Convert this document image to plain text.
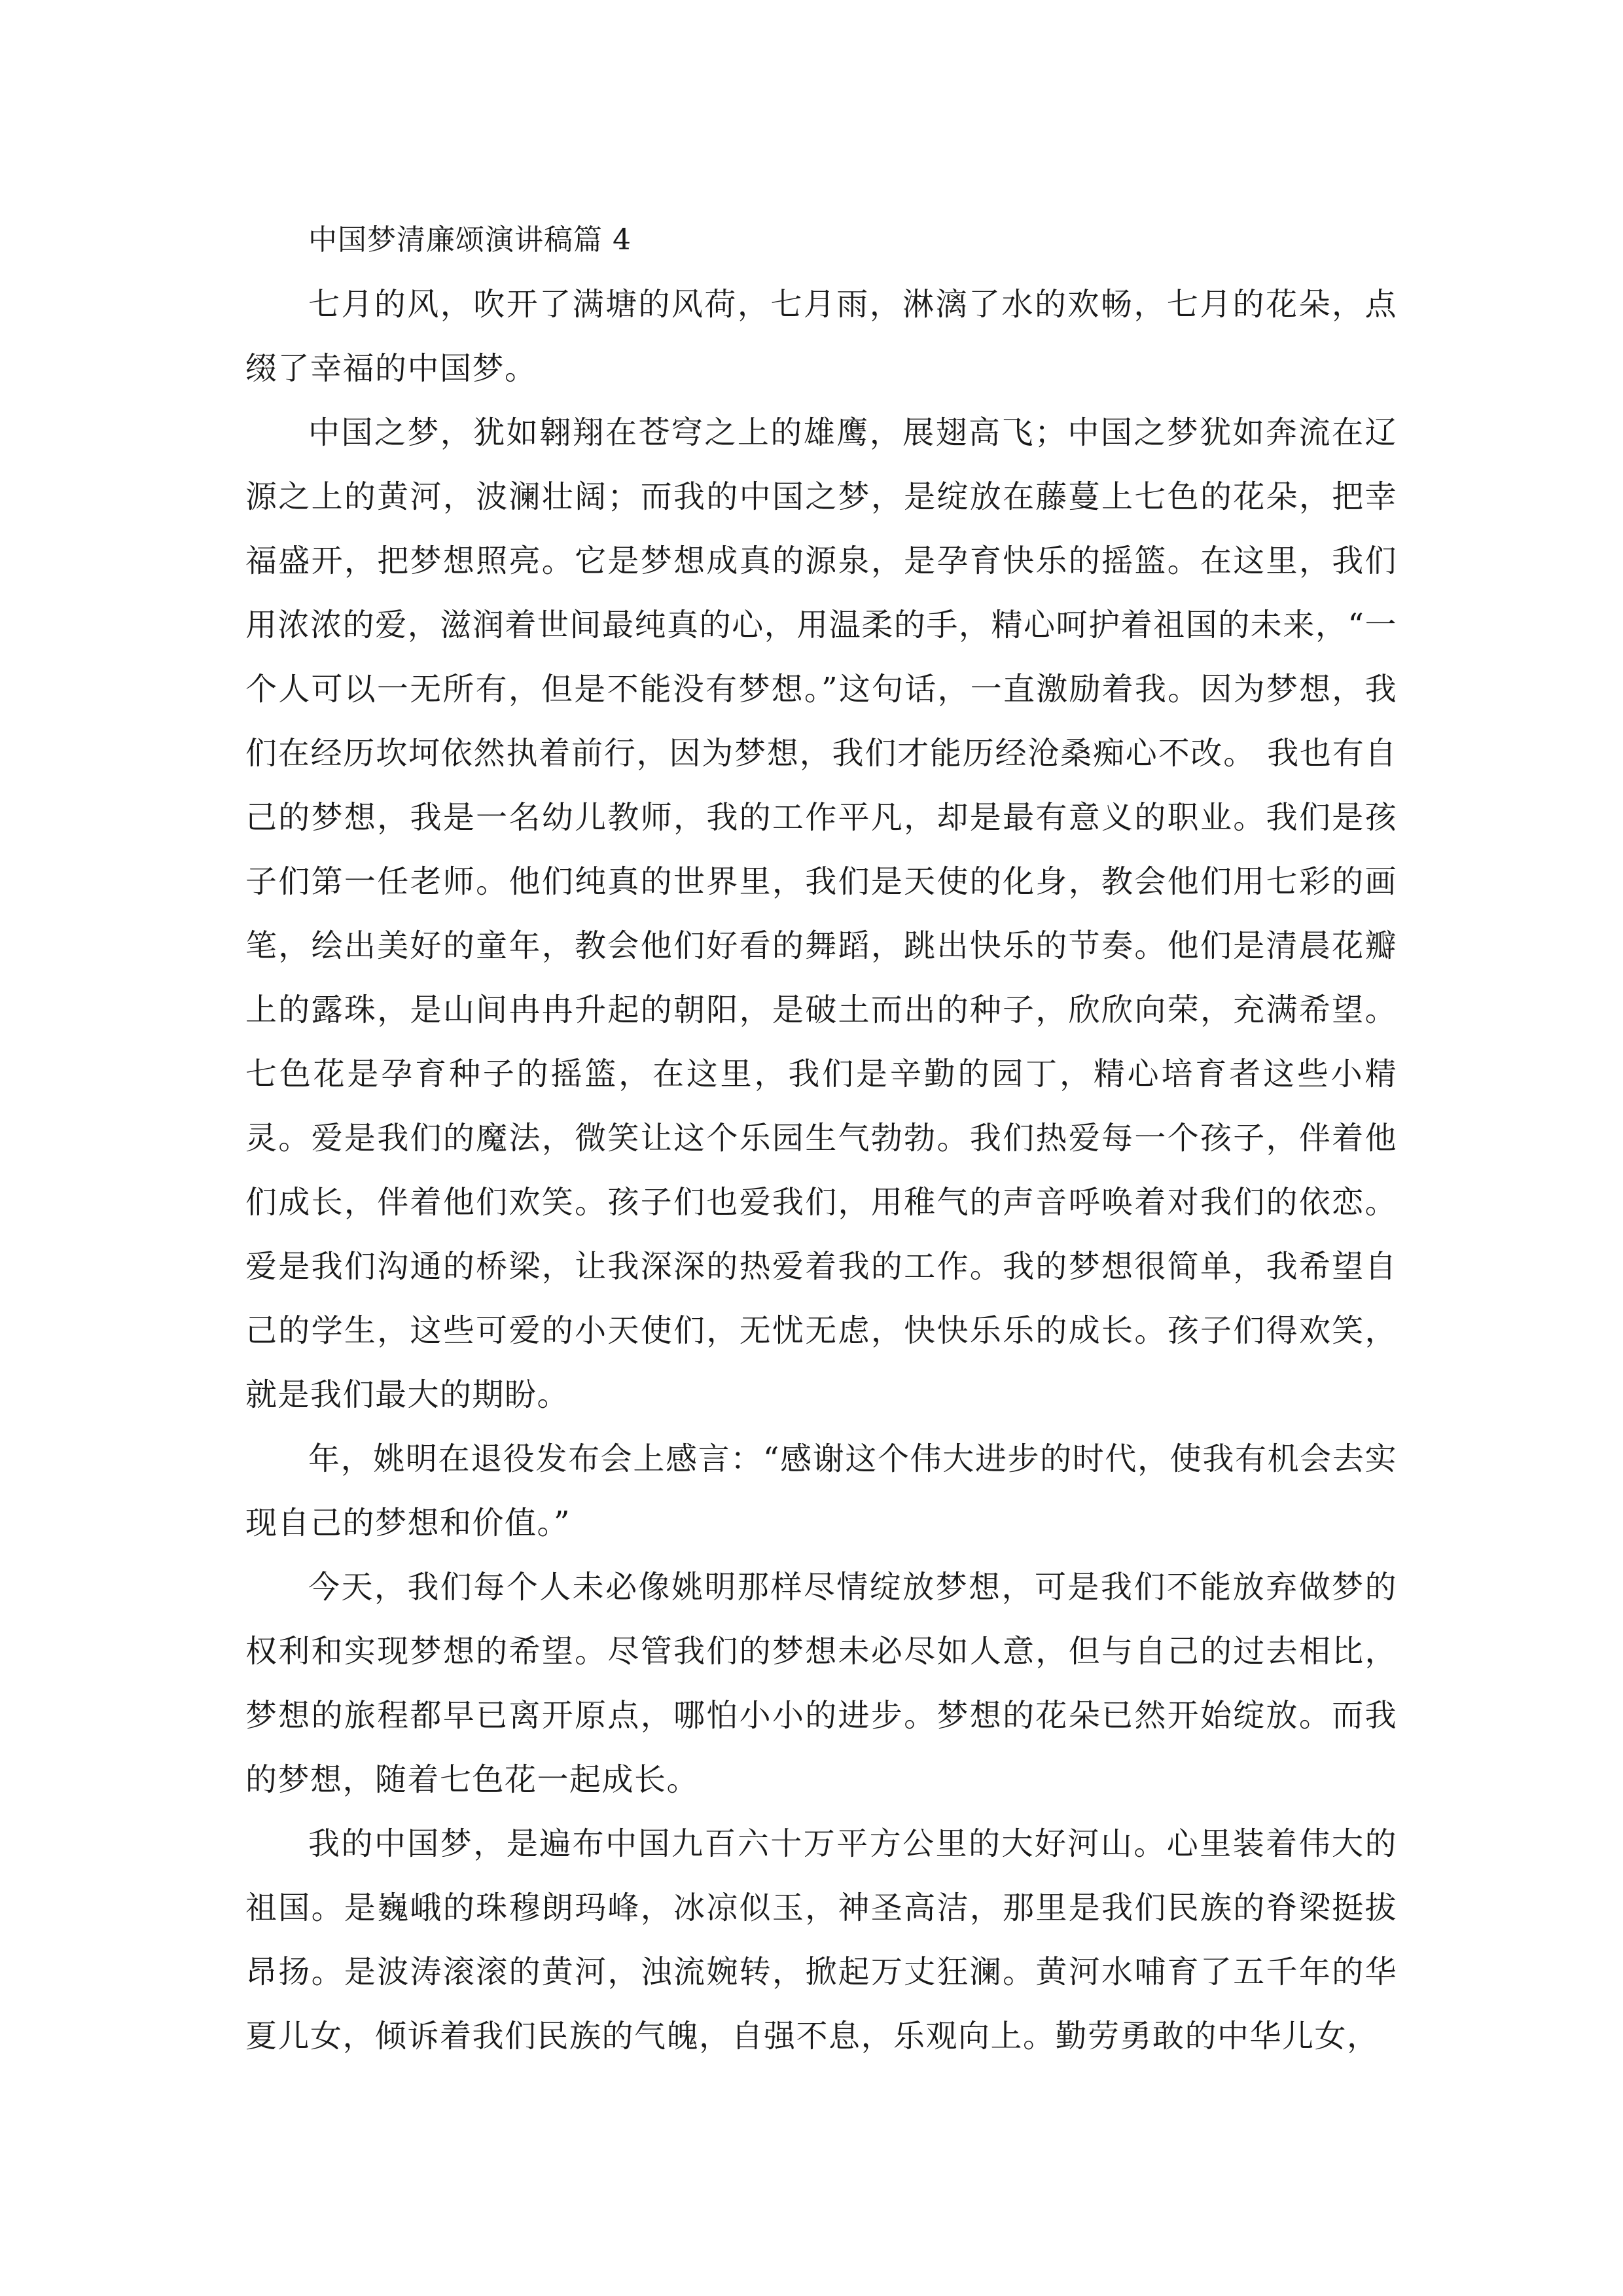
中国梦清廉颂演讲稿篇 4

七月的风，吹开了满塘的风荷，七月雨，淋漓了水的欢畅，七月的花朵，点缀了幸福的中国梦。

中国之梦，犹如翱翔在苍穹之上的雄鹰，展翅高飞；中国之梦犹如奔流在辽源之上的黄河，波澜壮阔；而我的中国之梦，是绽放在藤蔓上七色的花朵，把幸福盛开，把梦想照亮。它是梦想成真的源泉，是孕育快乐的摇篮。在这里，我们用浓浓的爱，滋润着世间最纯真的心，用温柔的手，精心呵护着祖国的未来，“一个人可以一无所有，但是不能没有梦想。”这句话，一直激励着我。因为梦想，我们在经历坎坷依然执着前行，因为梦想，我们才能历经沧桑痴心不改。 我也有自己的梦想，我是一名幼儿教师，我的工作平凡，却是最有意义的职业。我们是孩子们第一任老师。他们纯真的世界里，我们是天使的化身，教会他们用七彩的画笔，绘出美好的童年，教会他们好看的舞蹈，跳出快乐的节奏。他们是清晨花瓣上的露珠，是山间冉冉升起的朝阳，是破土而出的种子，欣欣向荣，充满希望。七色花是孕育种子的摇篮，在这里，我们是辛勤的园丁，精心培育者这些小精灵。爱是我们的魔法，微笑让这个乐园生气勃勃。我们热爱每一个孩子，伴着他们成长，伴着他们欢笑。孩子们也爱我们，用稚气的声音呼唤着对我们的依恋。爱是我们沟通的桥梁，让我深深的热爱着我的工作。我的梦想很简单，我希望自己的学生，这些可爱的小天使们，无忧无虑，快快乐乐的成长。孩子们得欢笑，就是我们最大的期盼。

年，姚明在退役发布会上感言：“感谢这个伟大进步的时代，使我有机会去实现自己的梦想和价值。”

今天，我们每个人未必像姚明那样尽情绽放梦想，可是我们不能放弃做梦的权利和实现梦想的希望。尽管我们的梦想未必尽如人意，但与自己的过去相比，梦想的旅程都早已离开原点，哪怕小小的进步。梦想的花朵已然开始绽放。而我的梦想，随着七色花一起成长。

我的中国梦，是遍布中国九百六十万平方公里的大好河山。心里装着伟大的祖国。是巍峨的珠穆朗玛峰，冰凉似玉，神圣高洁，那里是我们民族的脊梁挺拔昂扬。是波涛滚滚的黄河，浊流婉转，掀起万丈狂澜。黄河水哺育了五千年的华夏儿女，倾诉着我们民族的气魄，自强不息，乐观向上。勤劳勇敢的中华儿女，
